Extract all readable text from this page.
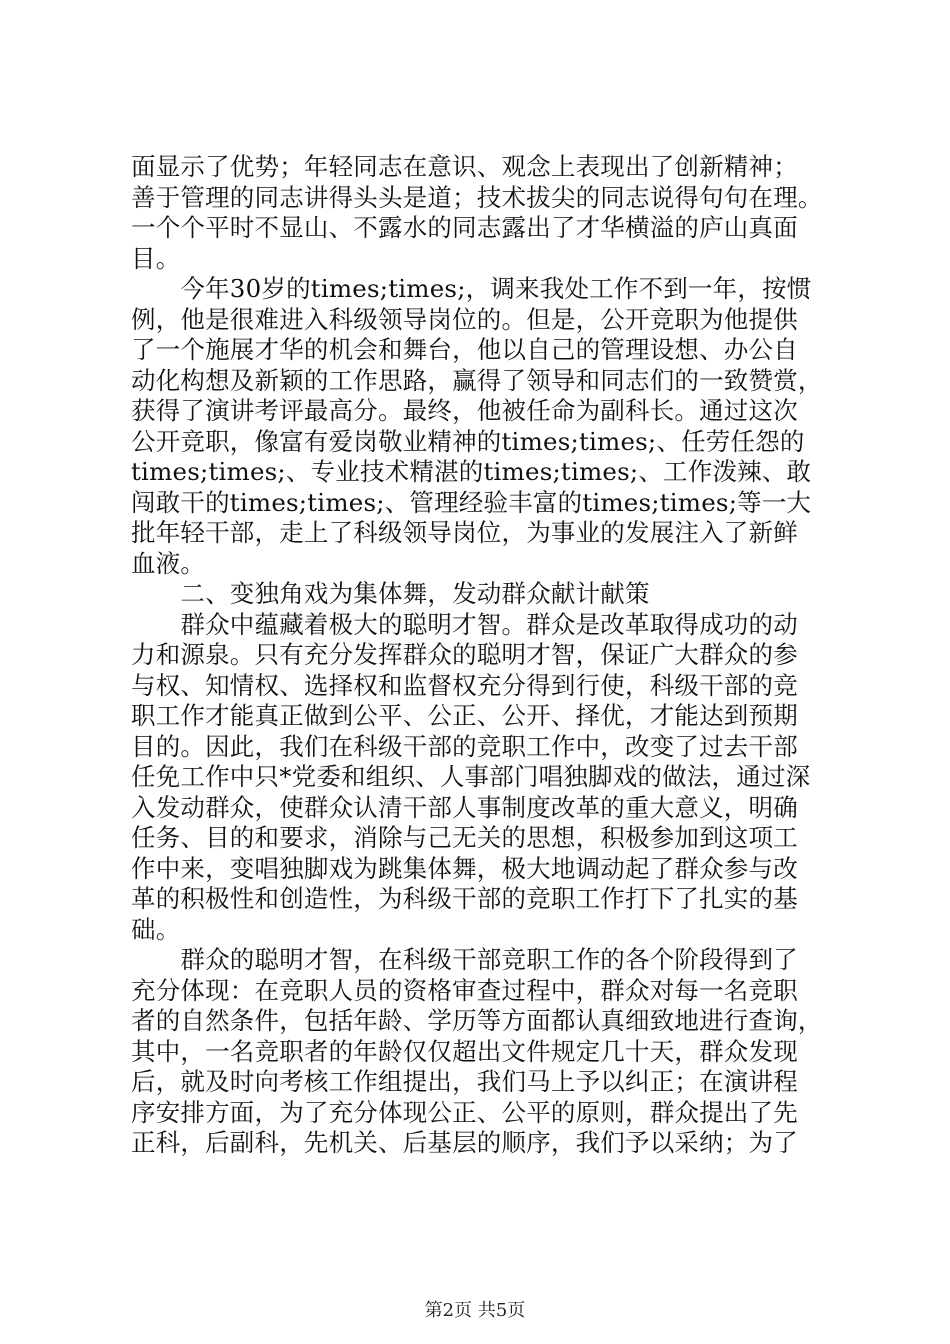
面显示了优势；年轻同志在意识、观念上表现出了创新精神；
善于管理的同志讲得头头是道；技术拔尖的同志说得句句在理。
一个个平时不显山、不露水的同志露出了才华横溢的庐山真面
目。
　　今年30岁的times;times;，调来我处工作不到一年，按惯
例，他是很难进入科级领导岗位的。但是，公开竞职为他提供
了一个施展才华的机会和舞台，他以自己的管理设想、办公自
动化构想及新颖的工作思路，赢得了领导和同志们的一致赞赏，
获得了演讲考评最高分。最终，他被任命为副科长。通过这次
公开竞职，像富有爱岗敬业精神的times;times;、任劳任怨的
times;times;、专业技术精湛的times;times;、工作泼辣、敢
闯敢干的times;times;、管理经验丰富的times;times;等一大
批年轻干部，走上了科级领导岗位，为事业的发展注入了新鲜
血液。
　　二、变独角戏为集体舞，发动群众献计献策
　　群众中蕴藏着极大的聪明才智。群众是改革取得成功的动
力和源泉。只有充分发挥群众的聪明才智，保证广大群众的参
与权、知情权、选择权和监督权充分得到行使，科级干部的竞
职工作才能真正做到公平、公正、公开、择优，才能达到预期
目的。因此，我们在科级干部的竞职工作中，改变了过去干部
任免工作中只*党委和组织、人事部门唱独脚戏的做法，通过深
入发动群众，使群众认清干部人事制度改革的重大意义，明确
任务、目的和要求，消除与己无关的思想，积极参加到这项工
作中来，变唱独脚戏为跳集体舞，极大地调动起了群众参与改
革的积极性和创造性，为科级干部的竞职工作打下了扎实的基
础。
　　群众的聪明才智，在科级干部竞职工作的各个阶段得到了
充分体现：在竞职人员的资格审查过程中，群众对每一名竞职
者的自然条件，包括年龄、学历等方面都认真细致地进行查询，
其中，一名竞职者的年龄仅仅超出文件规定几十天，群众发现
后，就及时向考核工作组提出，我们马上予以纠正；在演讲程
序安排方面，为了充分体现公正、公平的原则，群众提出了先
正科，后副科，先机关、后基层的顺序，我们予以采纳；为了
第2页 共5页
